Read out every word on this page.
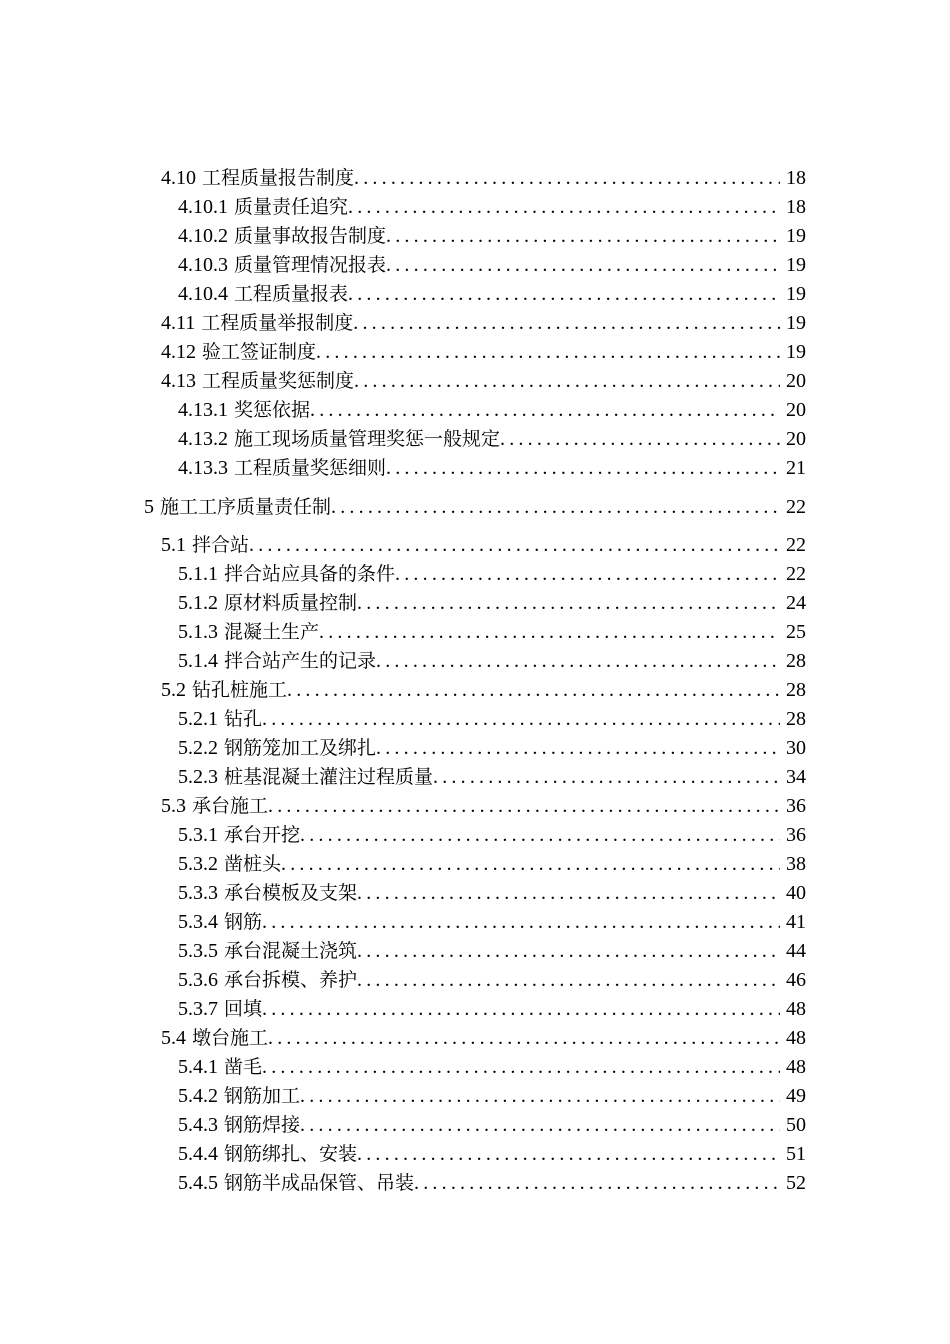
4.10 工程质量报告制度 .....	18
4.10.1 质量责任追究 .....	18
4.10.2 质量事故报告制度 .....	19
4.10.3 质量管理情况报表 .....	19
4.10.4 工程质量报表 .....	19
4.11 工程质量举报制度 .....	19
4.12 验工签证制度 .....	19
4.13 工程质量奖惩制度 .....	20
4.13.1 奖惩依据 .....	20
4.13.2 施工现场质量管理奖惩一般规定 .....	20
4.13.3 工程质量奖惩细则 .....	21
5 施工工序质量责任制 .....	22
5.1 拌合站 .....	22
5.1.1 拌合站应具备的条件 .....	22
5.1.2 原材料质量控制 .....	24
5.1.3 混凝土生产 .....	25
5.1.4 拌合站产生的记录 .....	28
5.2 钻孔桩施工 .....	28
5.2.1 钻孔 .....	28
5.2.2 钢筋笼加工及绑扎 .....	30
5.2.3 桩基混凝土灌注过程质量 .....	34
5.3 承台施工 .....	36
5.3.1 承台开挖 .....	36
5.3.2 凿桩头 .....	38
5.3.3 承台模板及支架 .....	40
5.3.4 钢筋 .....	41
5.3.5 承台混凝土浇筑 .....	44
5.3.6 承台拆模、养护 .....	46
5.3.7 回填 .....	48
5.4 墩台施工 .....	48
5.4.1 凿毛 .....	48
5.4.2 钢筋加工 .....	49
5.4.3 钢筋焊接 .....	50
5.4.4 钢筋绑扎、安装 .....	51
5.4.5 钢筋半成品保管、吊装 .....	52
